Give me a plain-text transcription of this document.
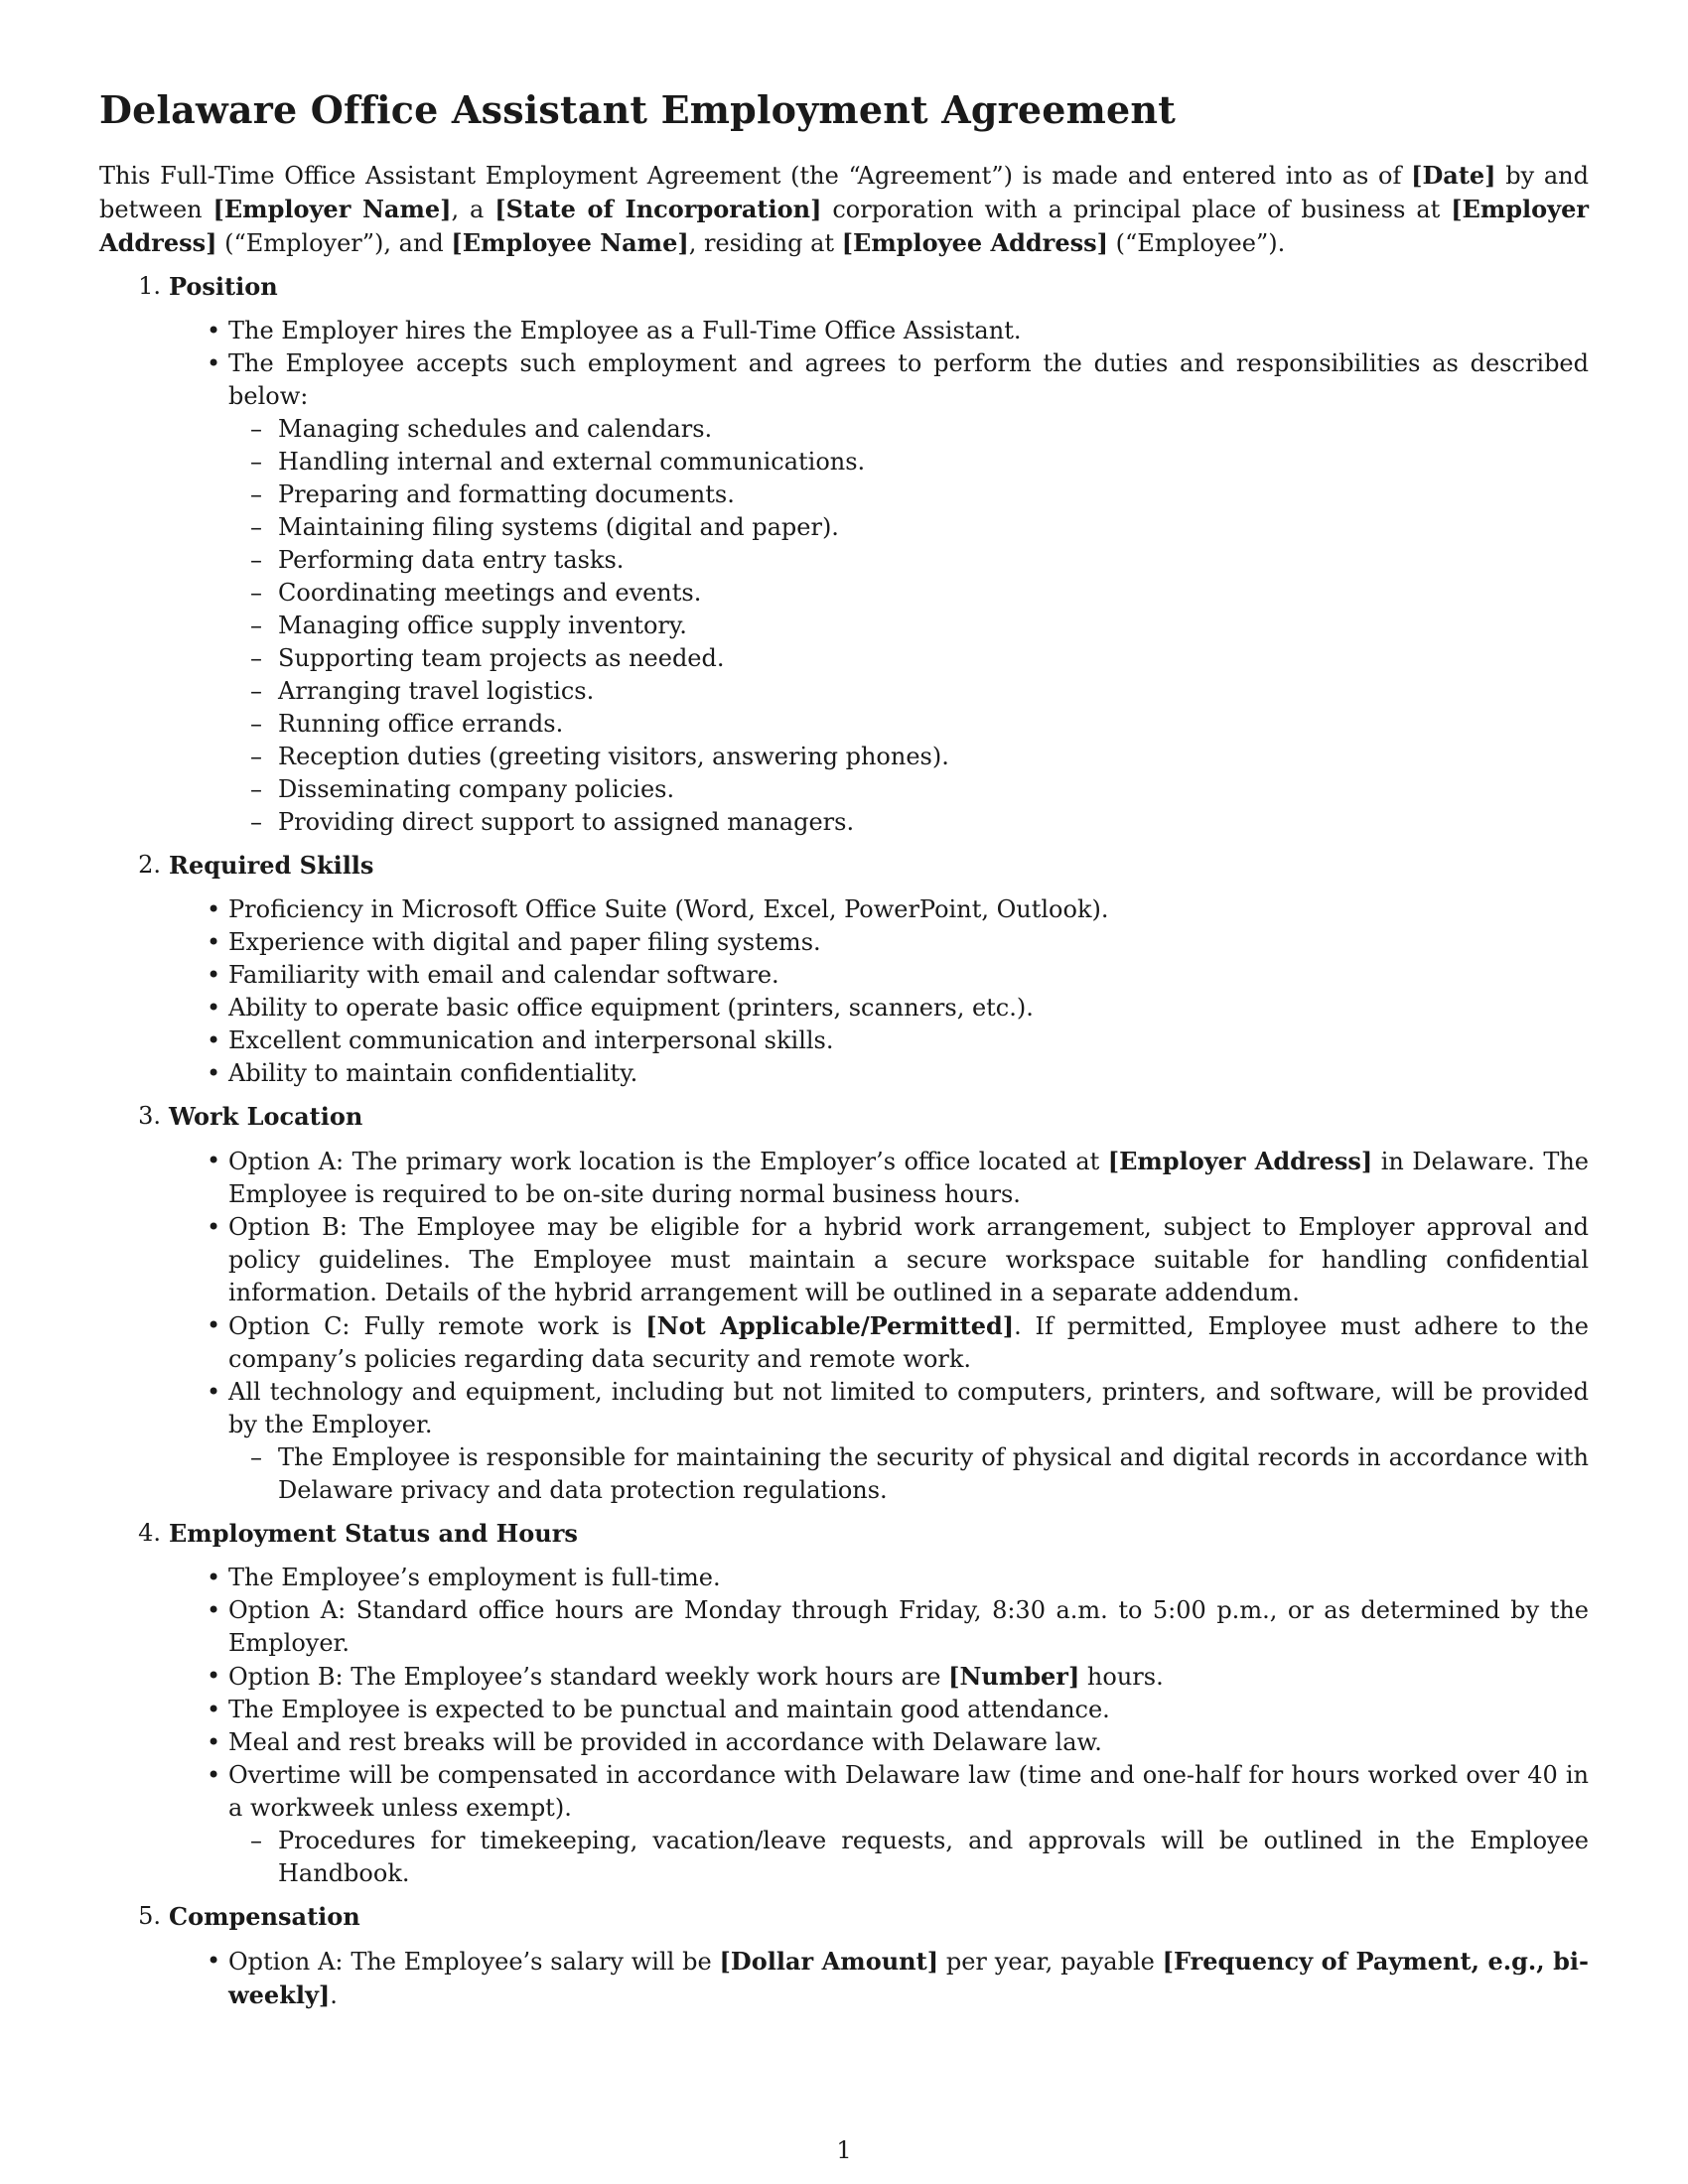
Delaware Office Assistant Employment Agreement

This Full-Time Office Assistant Employment Agreement (the “Agreement”) is made and entered into as of [Date] by and between [Employer Name], a [State of Incorporation] corporation with a principal place of business at [Employer Address] (“Employer”), and [Employee Name], residing at [Employee Address] (“Employee”).

1. Position
• The Employer hires the Employee as a Full-Time Office Assistant.
• The Employee accepts such employment and agrees to perform the duties and responsibilities as described below:
– Managing schedules and calendars.
– Handling internal and external communications.
– Preparing and formatting documents.
– Maintaining filing systems (digital and paper).
– Performing data entry tasks.
– Coordinating meetings and events.
– Managing office supply inventory.
– Supporting team projects as needed.
– Arranging travel logistics.
– Running office errands.
– Reception duties (greeting visitors, answering phones).
– Disseminating company policies.
– Providing direct support to assigned managers.
2. Required Skills
• Proficiency in Microsoft Office Suite (Word, Excel, PowerPoint, Outlook).
• Experience with digital and paper filing systems.
• Familiarity with email and calendar software.
• Ability to operate basic office equipment (printers, scanners, etc.).
• Excellent communication and interpersonal skills.
• Ability to maintain confidentiality.
3. Work Location
• Option A: The primary work location is the Employer’s office located at [Employer Address] in Delaware. The Employee is required to be on-site during normal business hours.
• Option B: The Employee may be eligible for a hybrid work arrangement, subject to Employer approval and policy guidelines. The Employee must maintain a secure workspace suitable for handling confidential information. Details of the hybrid arrangement will be outlined in a separate addendum.
• Option C: Fully remote work is [Not Applicable/Permitted]. If permitted, Employee must adhere to the company’s policies regarding data security and remote work.
• All technology and equipment, including but not limited to computers, printers, and software, will be provided by the Employer.
– The Employee is responsible for maintaining the security of physical and digital records in accordance with Delaware privacy and data protection regulations.
4. Employment Status and Hours
• The Employee’s employment is full-time.
• Option A: Standard office hours are Monday through Friday, 8:30 a.m. to 5:00 p.m., or as determined by the Employer.
• Option B: The Employee’s standard weekly work hours are [Number] hours.
• The Employee is expected to be punctual and maintain good attendance.
• Meal and rest breaks will be provided in accordance with Delaware law.
• Overtime will be compensated in accordance with Delaware law (time and one-half for hours worked over 40 in a workweek unless exempt).
– Procedures for timekeeping, vacation/leave requests, and approvals will be outlined in the Employee Handbook.
5. Compensation
• Option A: The Employee’s salary will be [Dollar Amount] per year, payable [Frequency of Payment, e.g., bi-weekly].
1
